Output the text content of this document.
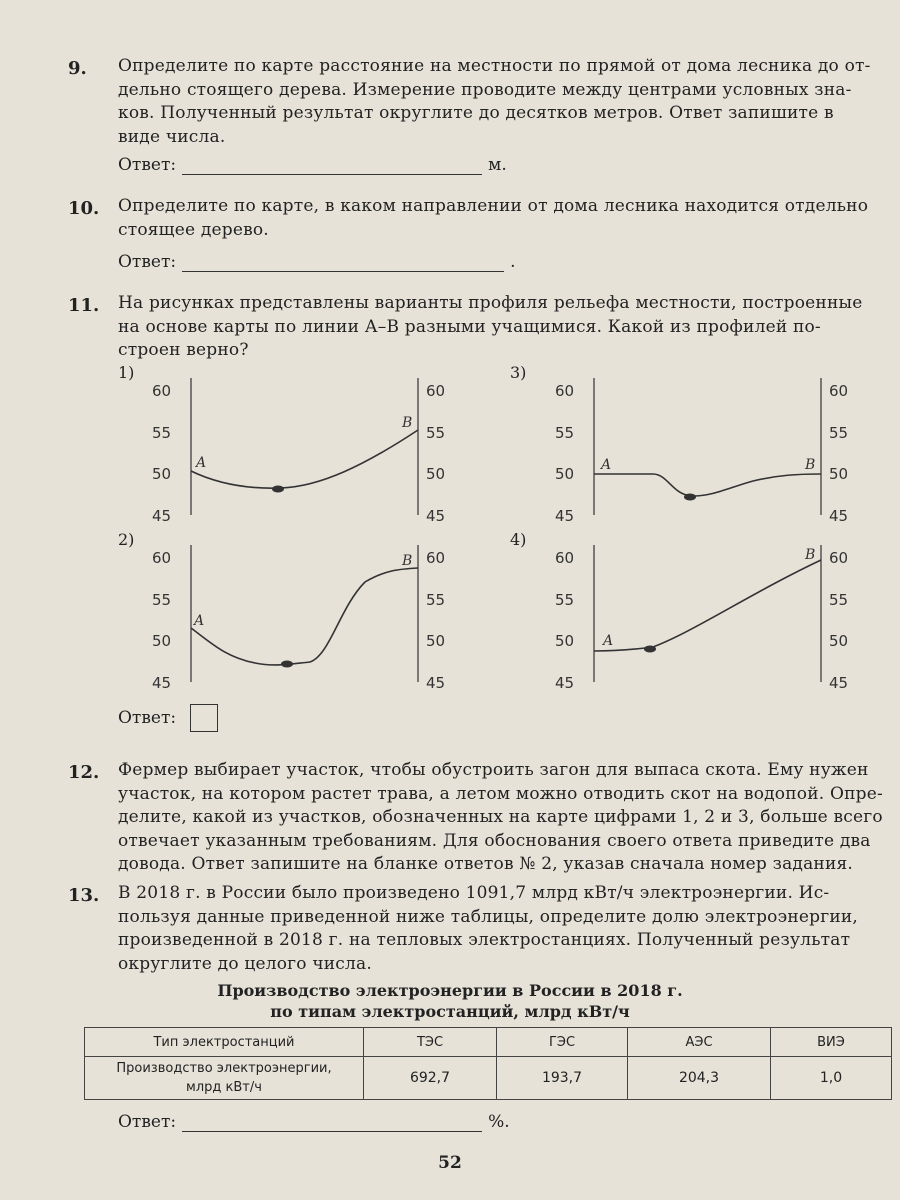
9. Определите по карте расстояние на местности по прямой от дома лесника до от-
дельно стоящего дерева. Измерение проводите между центрами условных зна-
ков. Полученный результат округлите до десятков метров. Ответ запишите в
виде числа.
Ответ:	м.
10. Определите по карте, в каком направлении от дома лесника находится отдельно
стоящее дерево.
Ответ:	.
11. На рисунках представлены варианты профиля рельефа местности, построенные
на основе карты по линии А–В разными учащимися. Какой из профилей по-
строен верно?
1)
2)
3)
4)
60
55
50
45
60
55
50
45
A
B
60
55
50
45
60
55
50
45
A
B
60
55
50
45
60
55
50
45
A	B
60
55
50
45
60
55
50
45
A
B
Ответ:
12. Фермер выбирает участок, чтобы обустроить загон для выпаса скота. Ему нужен
участок, на котором растет трава, а летом можно отводить скот на водопой. Опре-
делите, какой из участков, обозначенных на карте цифрами 1, 2 и 3, больше всего
отвечает указанным требованиям. Для обоснования своего ответа приведите два
довода. Ответ запишите на бланке ответов № 2, указав сначала номер задания.
13. В 2018 г. в России было произведено 1091,7 млрд кВт/ч электроэнергии. Ис-
пользуя данные приведенной ниже таблицы, определите долю электроэнергии,
произведенной в 2018 г. на тепловых электростанциях. Полученный результат
округлите до целого числа.
Производство электроэнергии в России в 2018 г.
по типам электростанций, млрд кВт/ч
Тип электростанций	ТЭС	ГЭС	АЭС	ВИЭ

Производство электроэнергии,
млрд кВт/ч	692,7	193,7	204,3	1,0
Ответ:	%.
52
